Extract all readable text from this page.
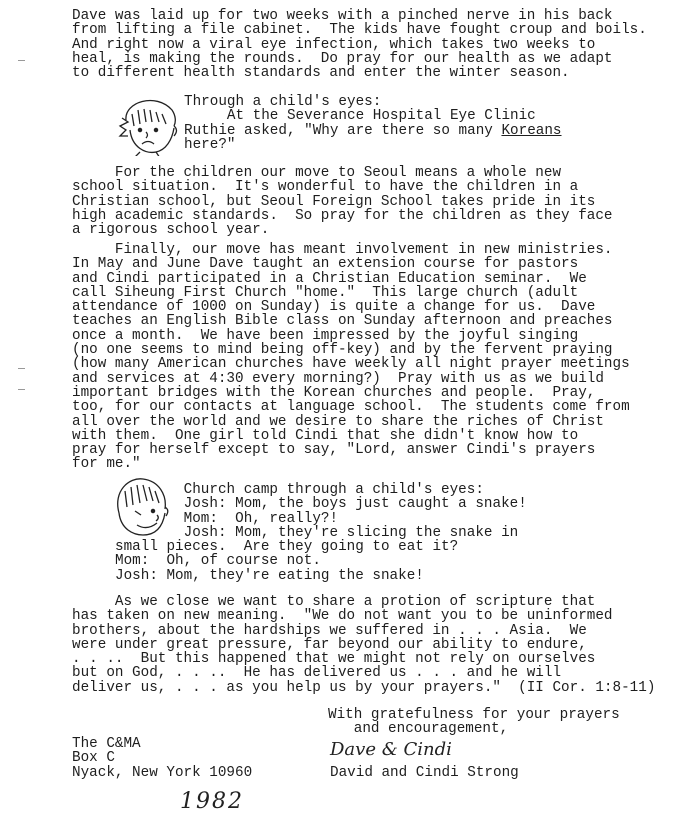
Dave was laid up for two weeks with a pinched nerve in his back
from lifting a file cabinet.  The kids have fought croup and boils.
And right now a viral eye infection, which takes two weeks to
heal, is making the rounds.  Do pray for our health as we adapt
to different health standards and enter the winter season.
Through a child's eyes:
At the Severance Hospital Eye Clinic
Ruthie asked, "Why are there so many Koreans
here?"
For the children our move to Seoul means a whole new
school situation.  It's wonderful to have the children in a
Christian school, but Seoul Foreign School takes pride in its
high academic standards.  So pray for the children as they face
a rigorous school year.
Finally, our move has meant involvement in new ministries.
In May and June Dave taught an extension course for pastors
and Cindi participated in a Christian Education seminar.  We
call Siheung First Church "home."  This large church (adult
attendance of 1000 on Sunday) is quite a change for us.  Dave
teaches an English Bible class on Sunday afternoon and preaches
once a month.  We have been impressed by the joyful singing
(no one seems to mind being off-key) and by the fervent praying
(how many American churches have weekly all night prayer meetings
and services at 4:30 every morning?)  Pray with us as we build
important bridges with the Korean churches and people.  Pray,
too, for our contacts at language school.  The students come from
all over the world and we desire to share the riches of Christ
with them.  One girl told Cindi that she didn't know how to
pray for herself except to say, "Lord, answer Cindi's prayers
for me."
Church camp through a child's eyes:
Josh: Mom, the boys just caught a snake!
Mom:  Oh, really?!
Josh: Mom, they're slicing the snake in
small pieces.  Are they going to eat it?
Mom:  Oh, of course not.
Josh: Mom, they're eating the snake!
As we close we want to share a protion of scripture that
has taken on new meaning.  "We do not want you to be uninformed
brothers, about the hardships we suffered in . . . Asia.  We
were under great pressure, far beyond our ability to endure,
. . ..  But this happened that we might not rely on ourselves
but on God, . . ..  He has delivered us . . . and he will
deliver us, . . . as you help us by your prayers."  (II Cor. 1:8-11)
With gratefulness for your prayers
and encouragement,
Dave & Cindi
David and Cindi Strong
The C&MA
Box C
Nyack, New York 10960
1982
